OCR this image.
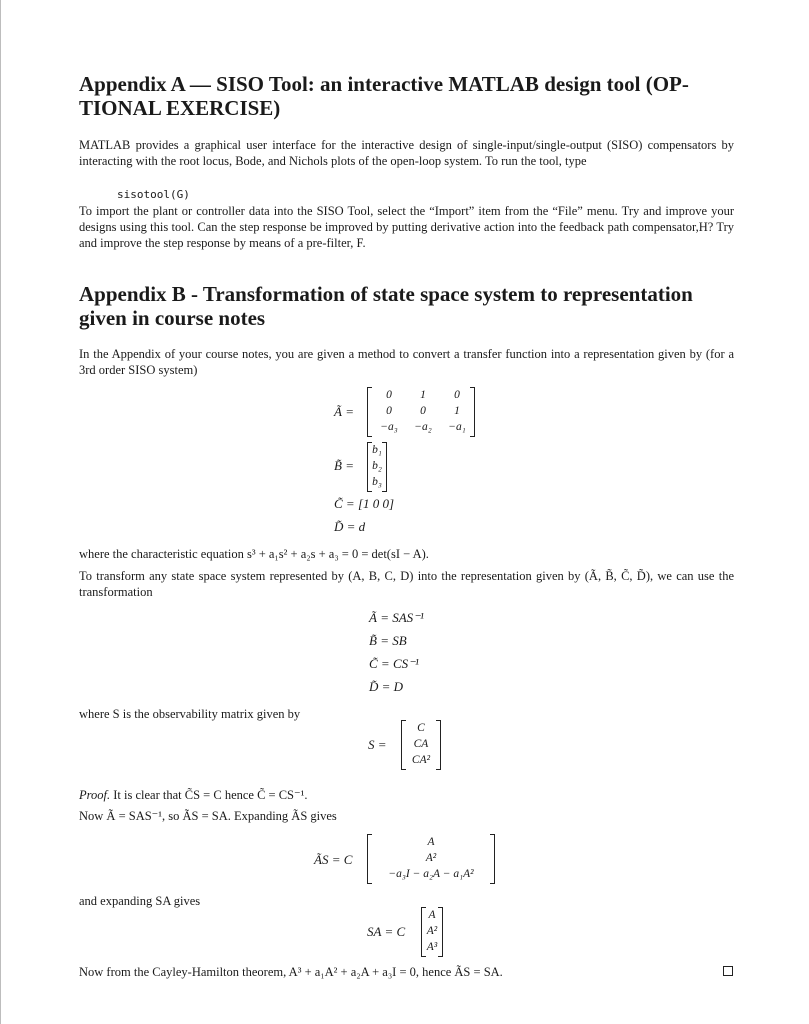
Appendix A — SISO Tool: an interactive MATLAB design tool (OP-
TIONAL EXERCISE)

MATLAB provides a graphical user interface for the interactive design of single-input/single-output (SISO) compensators by interacting with the root locus, Bode, and Nichols plots of the open-loop system. To run the tool, type

sisotool(G)

To import the plant or controller data into the SISO Tool, select the “Import” item from the “File” menu. Try and improve your designs using this tool. Can the step response be improved by putting derivative action into the feedback path compensator,H? Try and improve the step response by means of a pre-filter, F.

Appendix B - Transformation of state space system to representation
given in course notes

In the Appendix of your course notes, you are given a method to convert a transfer function into a representation given by (for a 3rd order SISO system)

Ã =
0	1	0
0	0	1
−a₃	−a₂	−a₁
B̃ =
b₁
b₂
b₃
C̃ = [1 0 0]
D̃ = d

where the characteristic equation s³ + a₁s² + a₂s + a₃ = 0 = det(sI − A).

To transform any state space system represented by (A, B, C, D) into the representation given by (Ã, B̃, C̃, D̃), we can use the transformation

Ã = SAS⁻¹
B̃ = SB
C̃ = CS⁻¹
D̃ = D

where S is the observability matrix given by

S =
C
CA
CA²

Proof. It is clear that C̃S = C hence C̃ = CS⁻¹.

Now Ã = SAS⁻¹, so ÃS = SA. Expanding ÃS gives

ÃS = C
A
A²
−a₃I − a₂A − a₁A²

and expanding SA gives

SA = C
A
A²
A³

Now from the Cayley-Hamilton theorem, A³ + a₁A² + a₂A + a₃I = 0, hence ÃS = SA.
